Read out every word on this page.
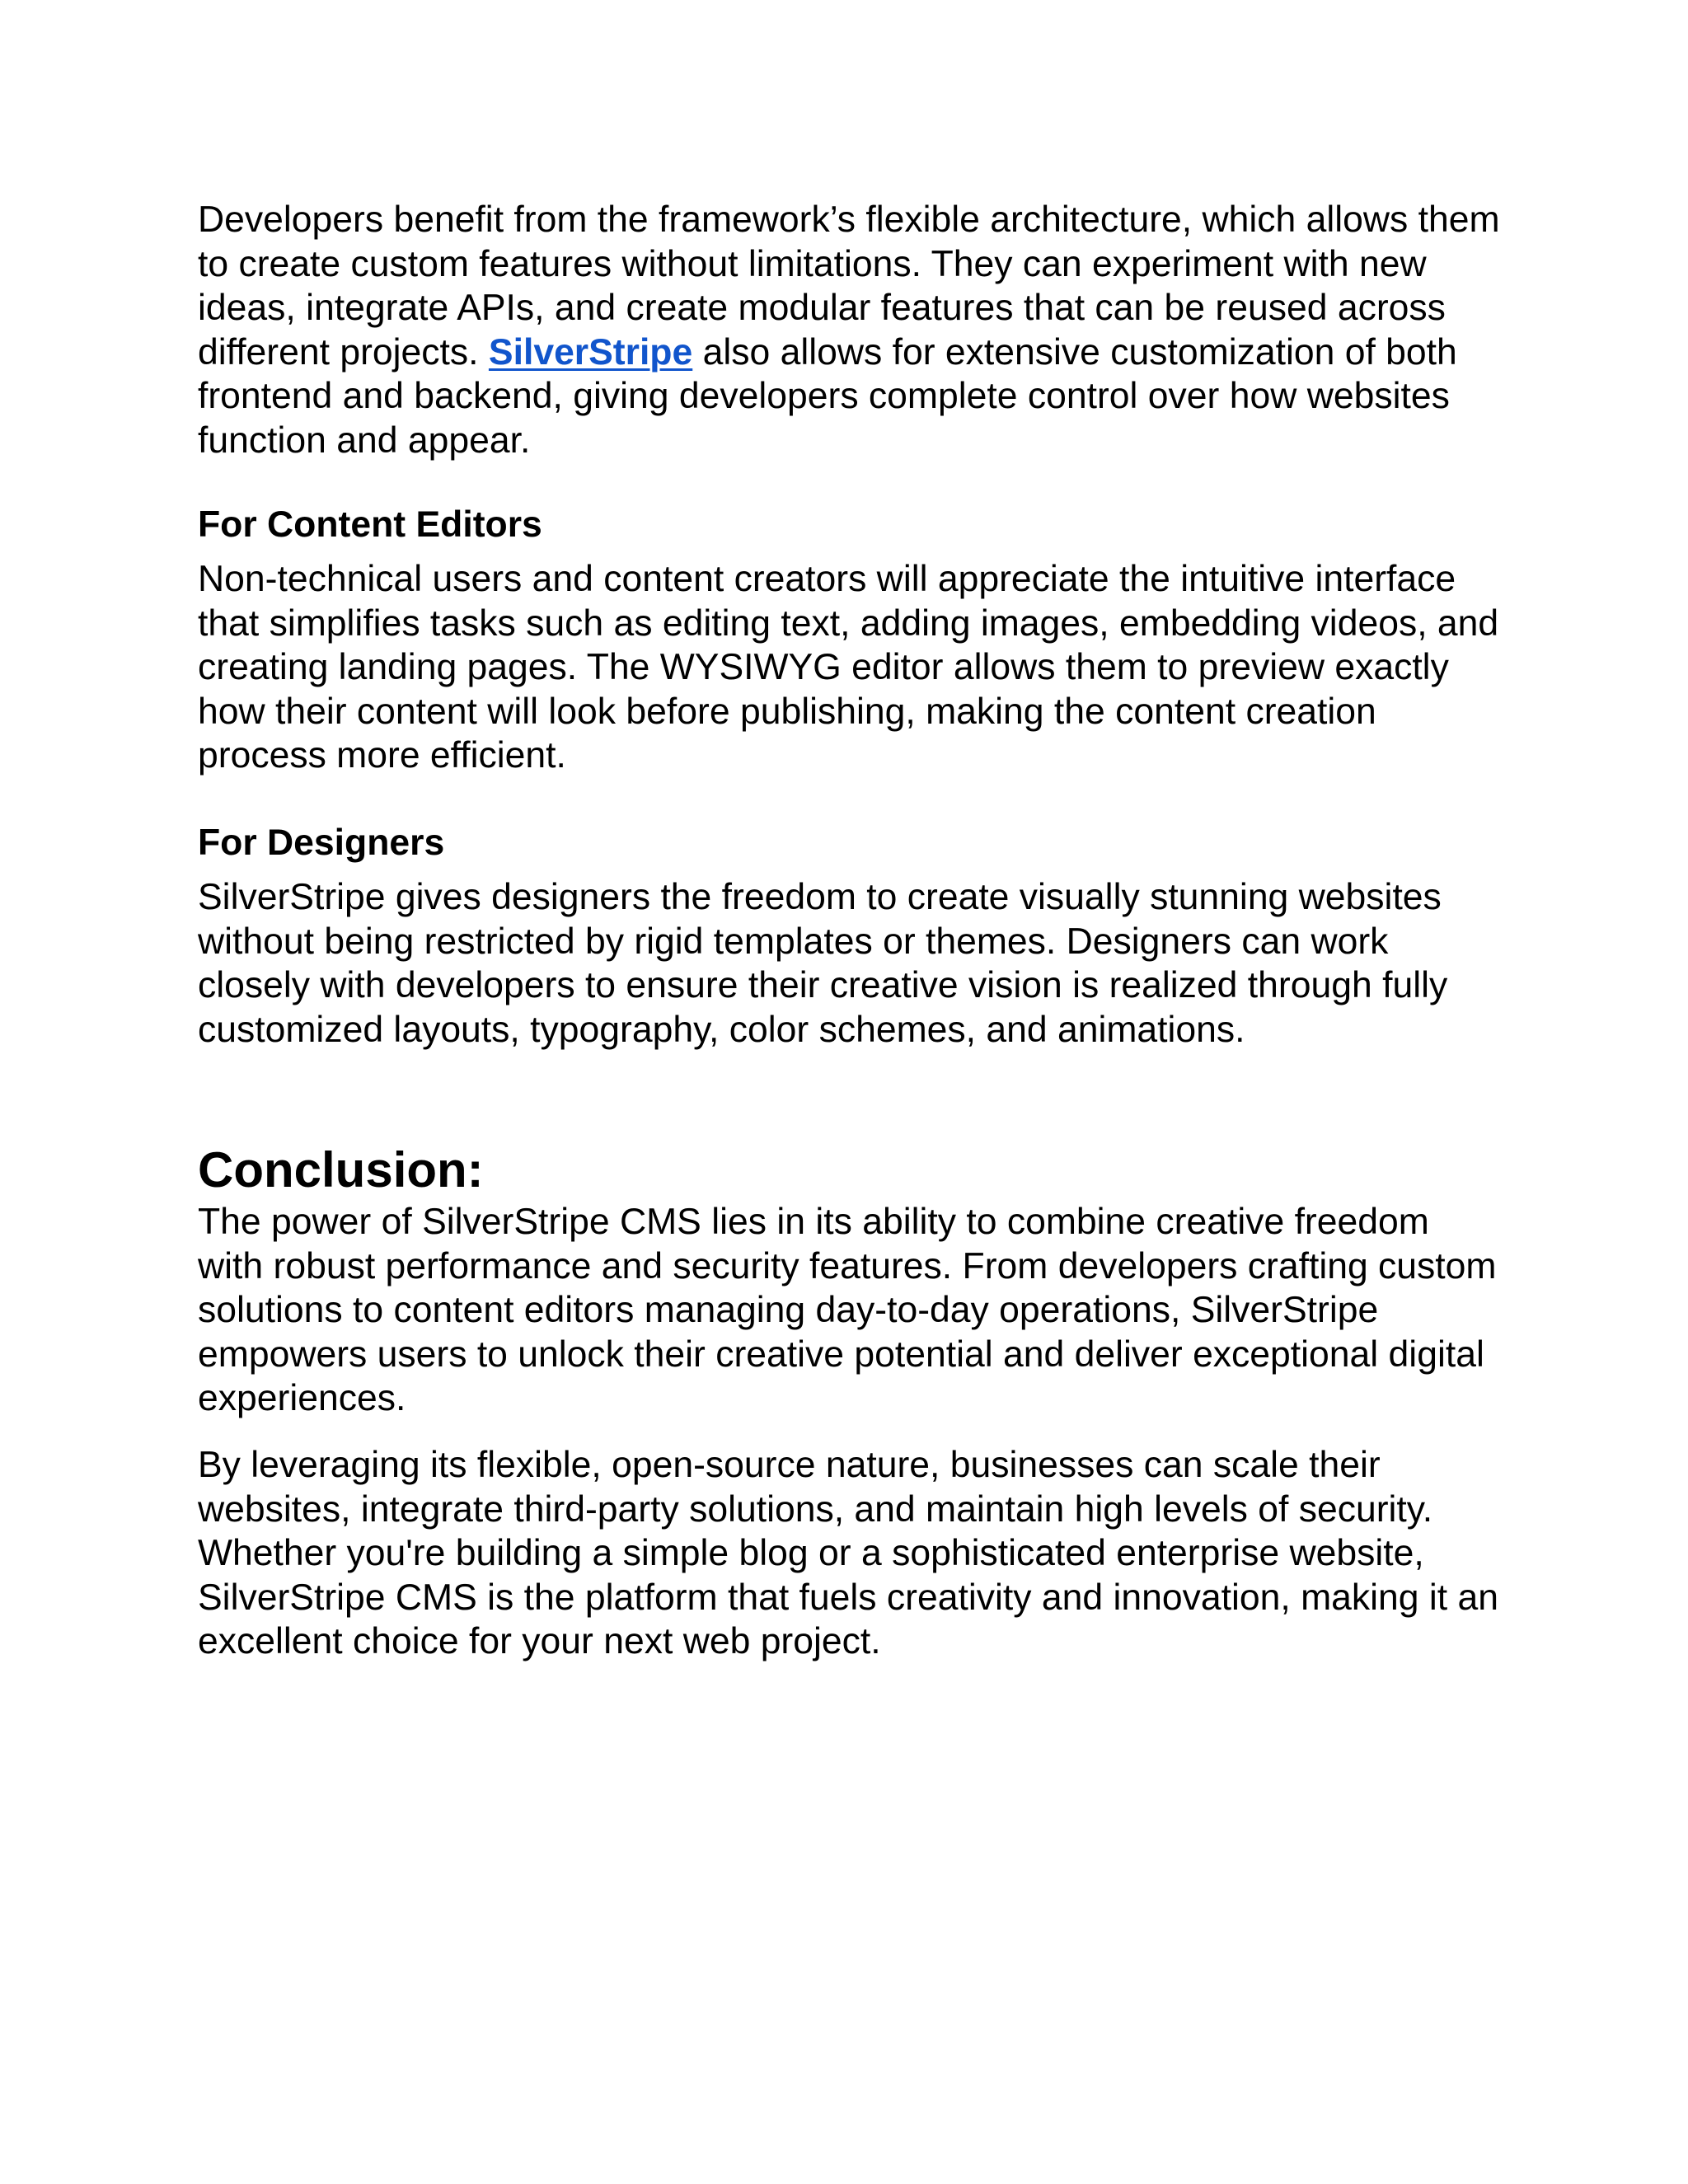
Developers benefit from the framework’s flexible architecture, which allows them to create custom features without limitations. They can experiment with new ideas, integrate APIs, and create modular features that can be reused across different projects. SilverStripe also allows for extensive customization of both frontend and backend, giving developers complete control over how websites function and appear.

For Content Editors

Non-technical users and content creators will appreciate the intuitive interface that simplifies tasks such as editing text, adding images, embedding videos, and creating landing pages. The WYSIWYG editor allows them to preview exactly how their content will look before publishing, making the content creation process more efficient.

For Designers

SilverStripe gives designers the freedom to create visually stunning websites without being restricted by rigid templates or themes. Designers can work closely with developers to ensure their creative vision is realized through fully customized layouts, typography, color schemes, and animations.

Conclusion:

The power of SilverStripe CMS lies in its ability to combine creative freedom with robust performance and security features. From developers crafting custom solutions to content editors managing day-to-day operations, SilverStripe empowers users to unlock their creative potential and deliver exceptional digital experiences.

By leveraging its flexible, open-source nature, businesses can scale their websites, integrate third-party solutions, and maintain high levels of security. Whether you're building a simple blog or a sophisticated enterprise website, SilverStripe CMS is the platform that fuels creativity and innovation, making it an excellent choice for your next web project.
